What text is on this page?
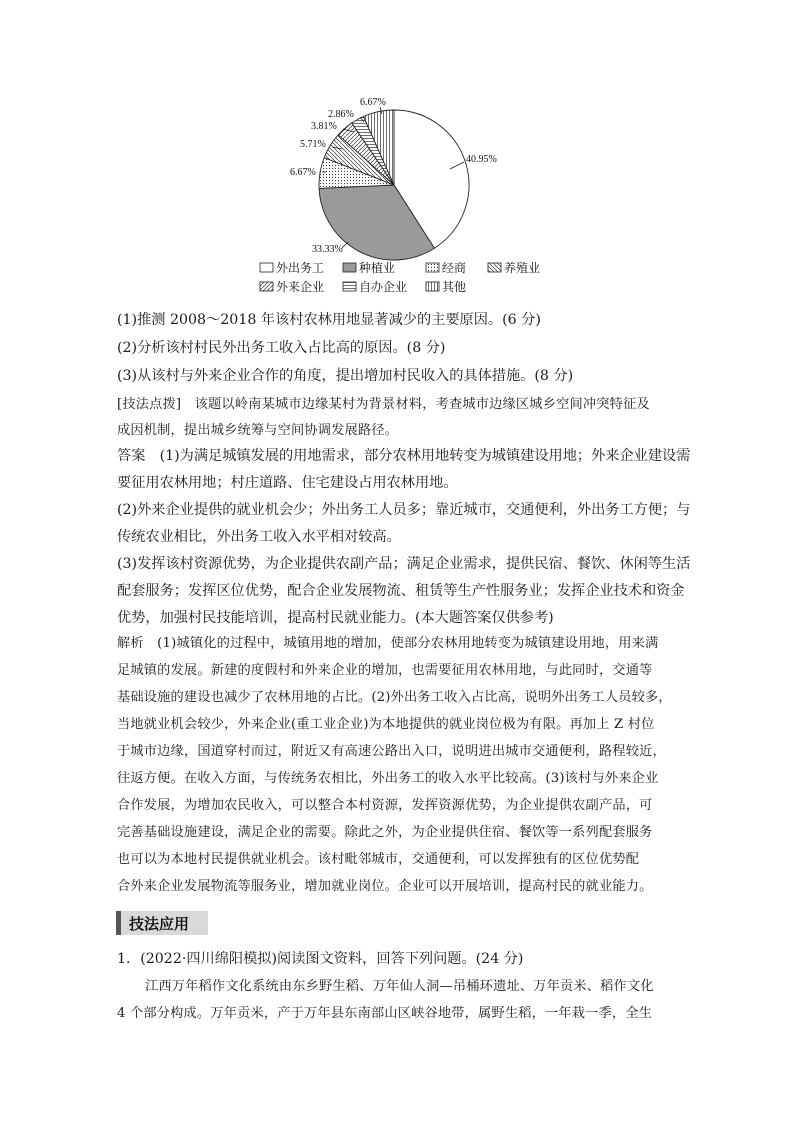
40.95%
33.33%
6.67%
5.71%
3.81%
2.86%
6.67%
外出务工	种植业	经商	养殖业
外来企业	自办企业	其他
(1)推测 2008～2018 年该村农林用地显著减少的主要原因。(6 分)
(2)分析该村村民外出务工收入占比高的原因。(8 分)
(3)从该村与外来企业合作的角度，提出增加村民收入的具体措施。(8 分)
[技法点拨]　该题以岭南某城市边缘某村为背景材料，考查城市边缘区城乡空间冲突特征及
成因机制，提出城乡统筹与空间协调发展路径。
答案　(1)为满足城镇发展的用地需求，部分农林用地转变为城镇建设用地；外来企业建设需
要征用农林用地；村庄道路、住宅建设占用农林用地。
(2)外来企业提供的就业机会少；外出务工人员多；靠近城市，交通便利，外出务工方便；与
传统农业相比，外出务工收入水平相对较高。
(3)发挥该村资源优势，为企业提供农副产品；满足企业需求，提供民宿、餐饮、休闲等生活
配套服务；发挥区位优势，配合企业发展物流、租赁等生产性服务业；发挥企业技术和资金
优势，加强村民技能培训，提高村民就业能力。(本大题答案仅供参考)
解析　(1)城镇化的过程中，城镇用地的增加，使部分农林用地转变为城镇建设用地，用来满
足城镇的发展。新建的度假村和外来企业的增加，也需要征用农林用地，与此同时，交通等
基础设施的建设也减少了农林用地的占比。(2)外出务工收入占比高，说明外出务工人员较多，
当地就业机会较少，外来企业(重工业企业)为本地提供的就业岗位极为有限。再加上 Z 村位
于城市边缘，国道穿村而过，附近又有高速公路出入口，说明进出城市交通便利，路程较近，
往返方便。在收入方面，与传统务农相比，外出务工的收入水平比较高。(3)该村与外来企业
合作发展，为增加农民收入，可以整合本村资源，发挥资源优势，为企业提供农副产品，可
完善基础设施建设，满足企业的需要。除此之外，为企业提供住宿、餐饮等一系列配套服务
也可以为本地村民提供就业机会。该村毗邻城市，交通便利，可以发挥独有的区位优势配
合外来企业发展物流等服务业，增加就业岗位。企业可以开展培训，提高村民的就业能力。
技法应用
1．(2022·四川绵阳模拟)阅读图文资料，回答下列问题。(24 分)
江西万年稻作文化系统由东乡野生稻、万年仙人洞—吊桶环遗址、万年贡米、稻作文化
4 个部分构成。万年贡米，产于万年县东南部山区峡谷地带，属野生稻，一年栽一季，全生
